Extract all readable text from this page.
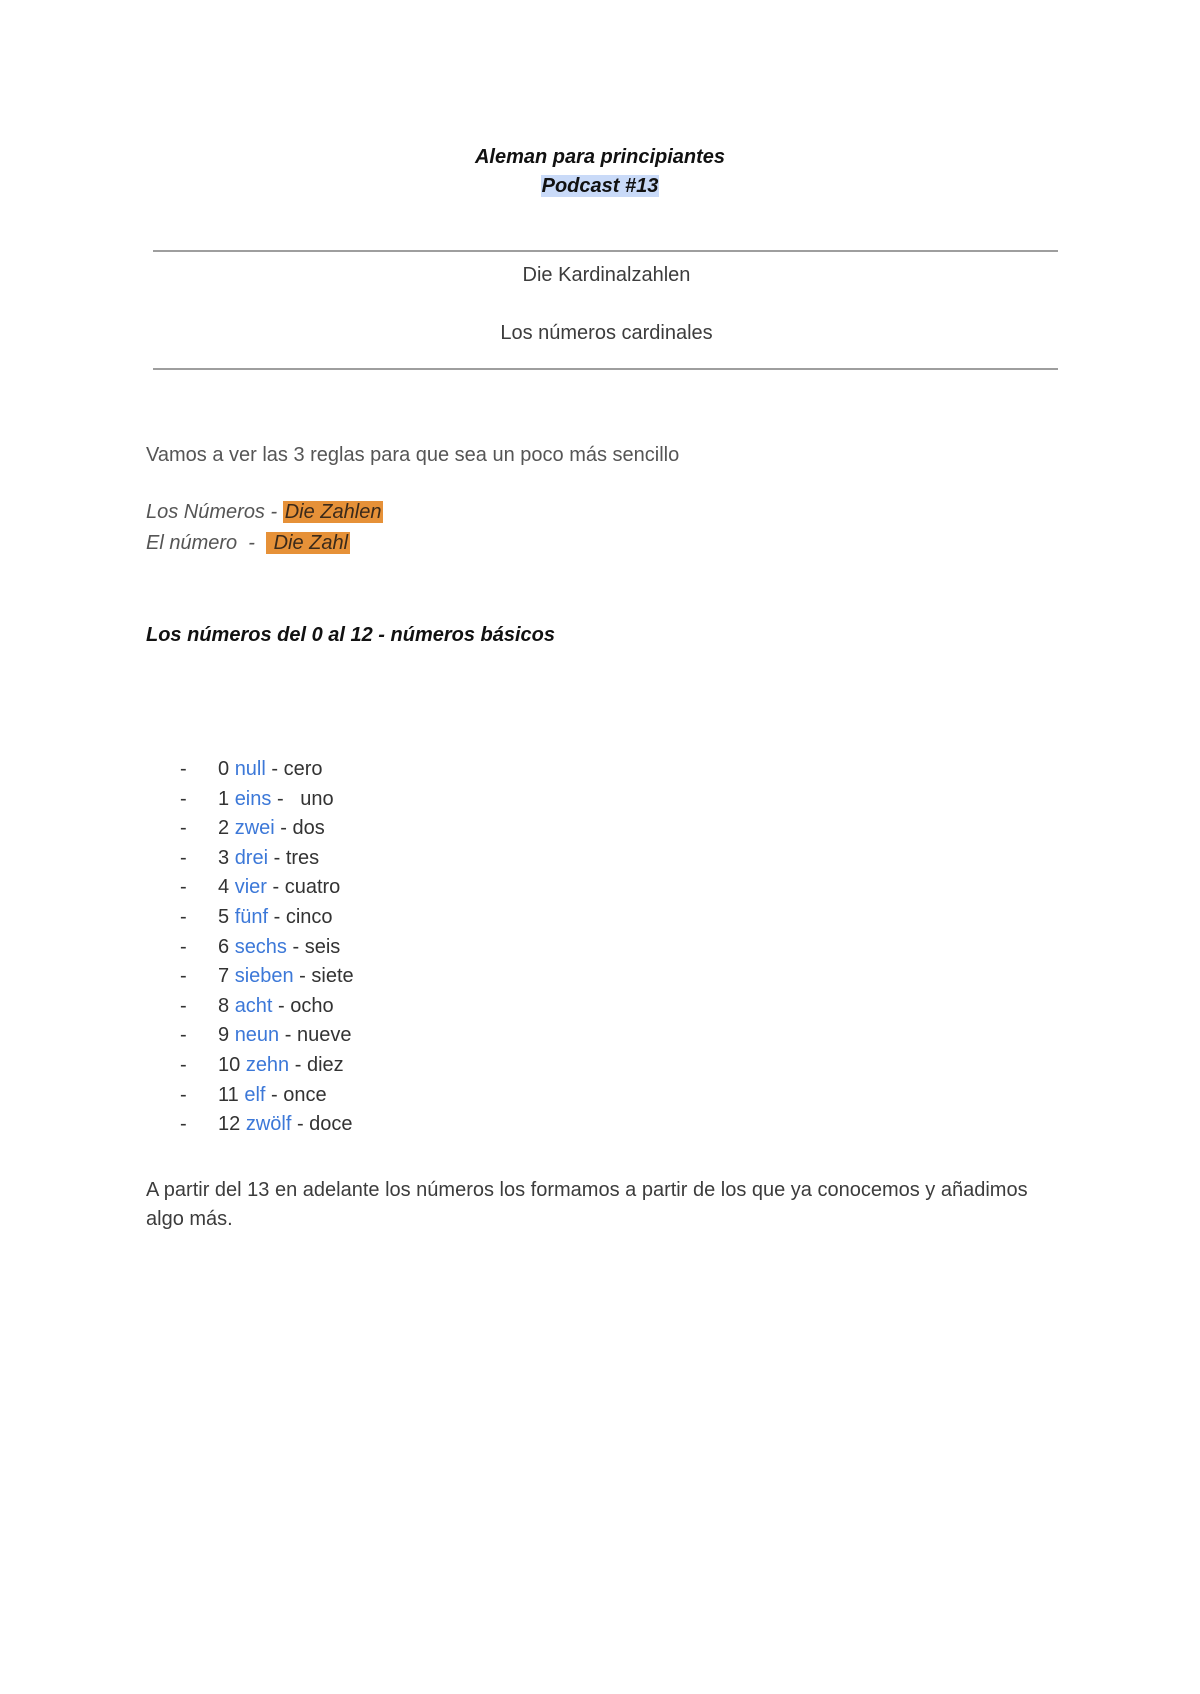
Aleman para principiantes
Podcast #13
Die Kardinalzahlen
Los números cardinales
Vamos a ver las 3 reglas para que sea un poco más sencillo
Los Números - Die Zahlen
El número  -   Die Zahl
Los números del 0 al 12 - números básicos
- 0 null - cero
- 1 eins -   uno
- 2 zwei - dos
- 3 drei - tres
- 4 vier - cuatro
- 5 fünf - cinco
- 6 sechs - seis
- 7 sieben - siete
- 8 acht - ocho
- 9 neun - nueve
- 10 zehn - diez
- 11 elf - once
- 12 zwölf - doce
A partir del 13 en adelante los números los formamos a partir de los que ya conocemos y añadimos algo más.
